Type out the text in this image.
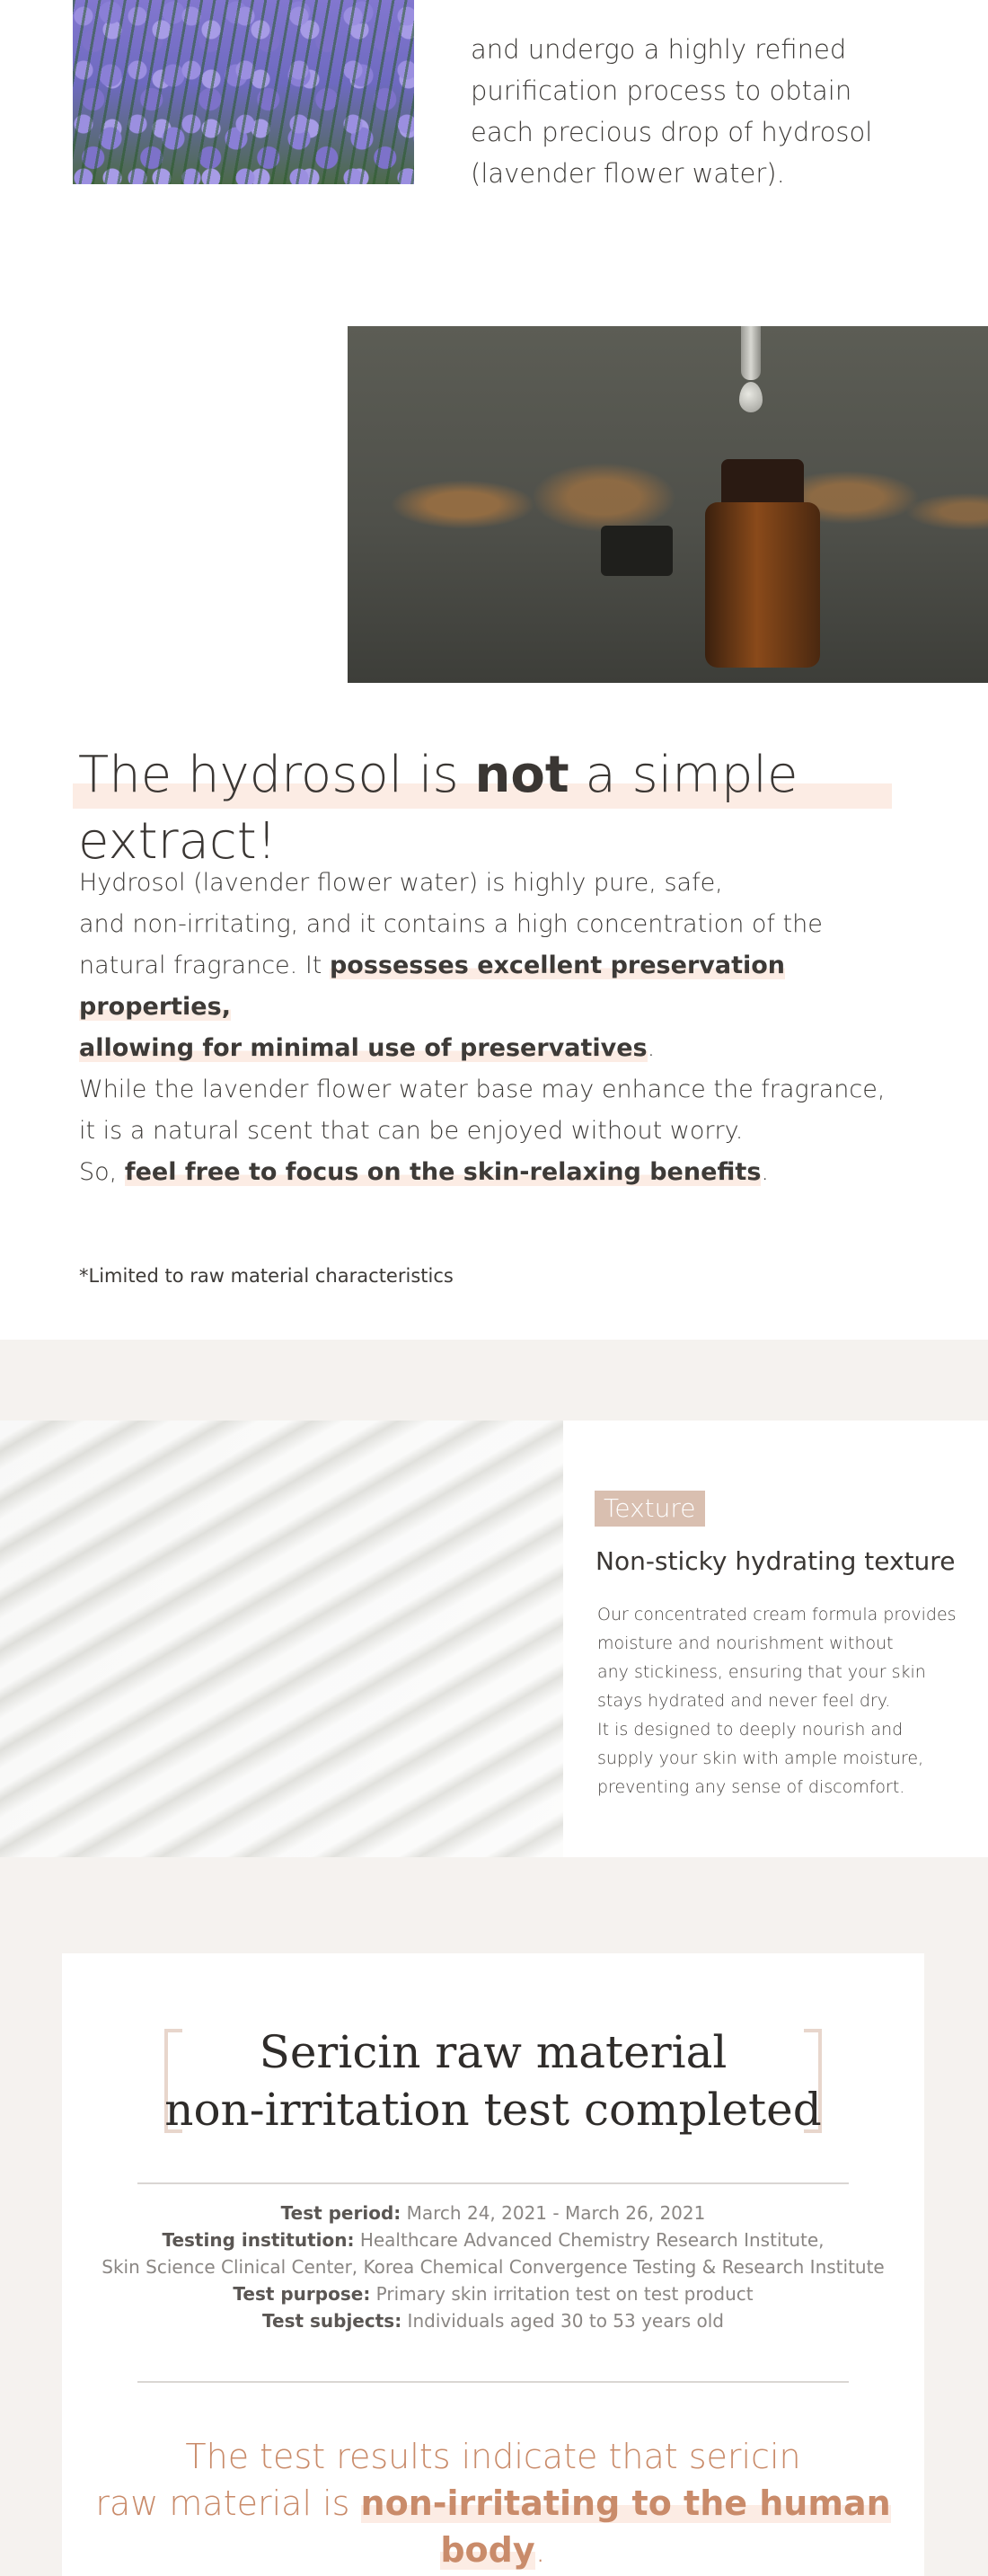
and undergo a highly refined
purification process to obtain
each precious drop of hydrosol
(lavender flower water).
The hydrosol is not a simple extract!
Hydrosol (lavender flower water) is highly pure, safe,
and non-irritating, and it contains a high concentration of the
natural fragrance. It possesses excellent preservation properties,
allowing for minimal use of preservatives.
While the lavender flower water base may enhance the fragrance,
it is a natural scent that can be enjoyed without worry.
So, feel free to focus on the skin-relaxing benefits.
*Limited to raw material characteristics
Texture
Non-sticky hydrating texture
Our concentrated cream formula provides
moisture and nourishment without
any stickiness, ensuring that your skin
stays hydrated and never feel dry.
It is designed to deeply nourish and
supply your skin with ample moisture,
preventing any sense of discomfort.
Sericin raw material
non-irritation test completed
Test period: March 24, 2021 - March 26, 2021
Testing institution: Healthcare Advanced Chemistry Research Institute,
Skin Science Clinical Center, Korea Chemical Convergence Testing & Research Institute
Test purpose: Primary skin irritation test on test product
Test subjects: Individuals aged 30 to 53 years old
The test results indicate that sericin
raw material is non-irritating to the human body.
